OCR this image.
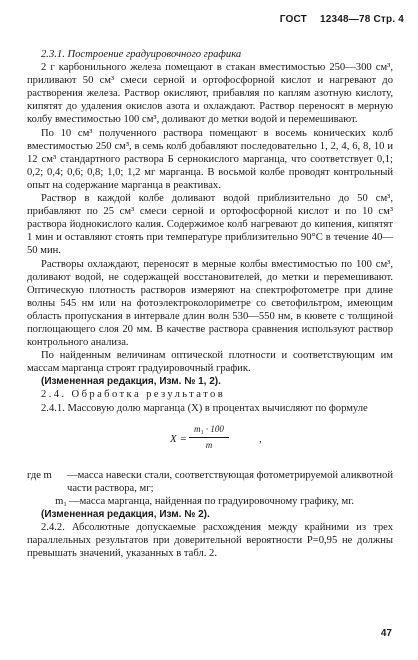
ГОСТ 12348—78 Стр. 4

2.3.1. Построение градуировочного графика

2 г карбонильного железа помещают в стакан вместимостью 250—300 см³, приливают 50 см³ смеси серной и ортофосфорной кислот и нагревают до растворения железа. Раствор окисляют, прибавляя по каплям азотную кислоту, кипятят до удаления окислов азота и охлаждают. Раствор переносят в мерную колбу вместимостью 100 см³, доливают до метки водой и перемешивают.

По 10 см³ полученного раствора помещают в восемь конических колб вместимостью 250 см³, в семь колб добавляют последовательно 1, 2, 4, 6, 8, 10 и 12 см³ стандартного раствора Б сернокислого марганца, что соответствует 0,1; 0,2; 0,4; 0,6; 0,8; 1,0; 1,2 мг марганца. В восьмой колбе проводят контрольный опыт на содержание марганца в реактивах.

Раствор в каждой колбе доливают водой приблизительно до 50 см³, прибавляют по 25 см³ смеси серной и ортофосфорной кислот и по 10 см³ раствора йоднокислого калия. Содержимое колб нагревают до кипения, кипятят 1 мин и оставляют стоять при температуре приблизительно 90°С в течение 40—50 мин.

Растворы охлаждают, переносят в мерные колбы вместимостью по 100 см³, доливают водой, не содержащей восстановителей, до метки и перемешивают. Оптическую плотность растворов измеряют на спектрофотометре при длине волны 545 нм или на фотоэлектроколориметре со светофильтром, имеющим область пропускания в интервале длин волн 530—550 нм, в кювете с толщиной поглощающего слоя 20 мм. В качестве раствора сравнения используют раствор контрольного анализа.

По найденным величинам оптической плотности и соответствующим им массам марганца строят градуировочный график.

(Измененная редакция, Изм. № 1, 2).

2.4. Обработка результатов

2.4.1. Массовую долю марганца (X) в процентах вычисляют по формуле

$X = \frac{\text{m₁ · 100}}{m}$	,
где m	—масса навески стали, соответствующая фотометрируемой аликвотной части раствора, мг;
m₁ —масса марганца, найденная по градуировочному графику, мг.

(Измененная редакция, Изм. № 2).

2.4.2. Абсолютные допускаемые расхождения между крайними из трех параллельных результатов при доверительной вероятности P=0,95 не должны превышать значений, указанных в табл. 2.

47
